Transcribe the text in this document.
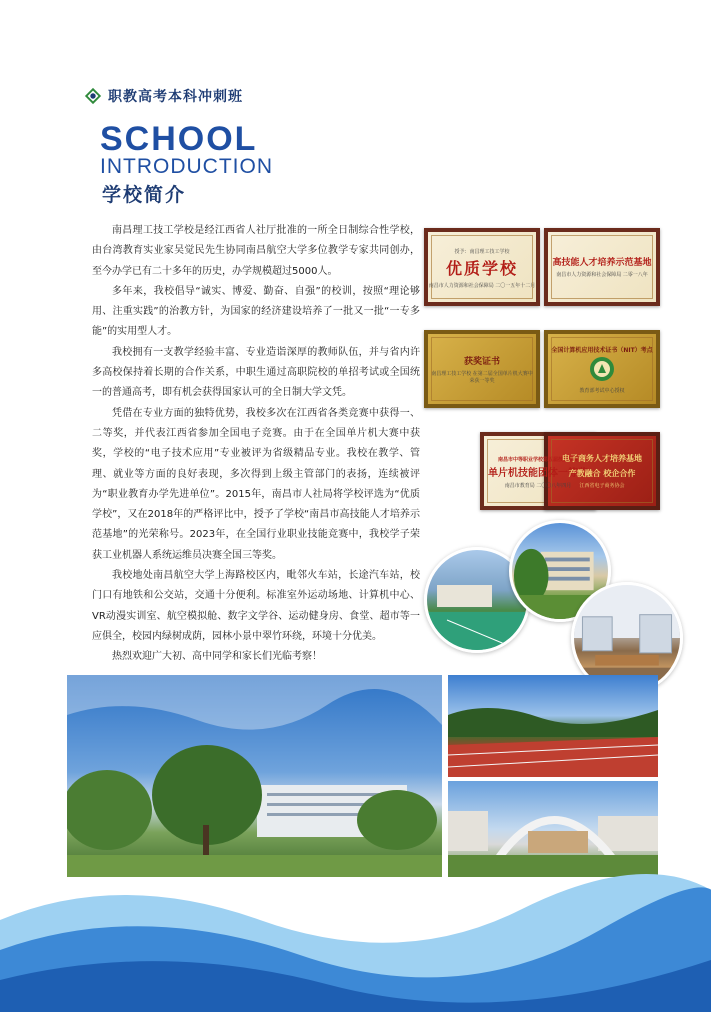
职教高考本科冲刺班
SCHOOL
INTRODUCTION
学校简介

南昌理工技工学校是经江西省人社厅批准的一所全日制综合性学校，由台湾教育实业家吴觉民先生协同南昌航空大学多位教学专家共同创办，至今办学已有二十多年的历史，办学规模超过5000人。

多年来，我校倡导“诚实、博爱、勤奋、自强”的校训，按照“理论够用、注重实践”的治教方针，为国家的经济建设培养了一批又一批“一专多能”的实用型人才。

我校拥有一支教学经验丰富、专业造诣深厚的教师队伍，并与省内许多高校保持着长期的合作关系，中职生通过高职院校的单招考试或全国统一的普通高考，即有机会获得国家认可的全日制大学文凭。

凭借在专业方面的独特优势，我校多次在江西省各类竞赛中获得一、二等奖，并代表江西省参加全国电子竞赛。由于在全国单片机大赛中获奖，学校的“电子技术应用”专业被评为省级精品专业。我校在教学、管理、就业等方面的良好表现，多次得到上级主管部门的表扬，连续被评为“职业教育办学先进单位”。2015年，南昌市人社局将学校评选为“优质学校”，又在2018年的严格评比中，授予了学校“南昌市高技能人才培养示范基地”的光荣称号。2023年，在全国行业职业技能竞赛中，我校学子荣获工业机器人系统运维员决赛全国三等奖。

我校地处南昌航空大学上海路校区内，毗邻火车站，长途汽车站，校门口有地铁和公交站，交通十分便利。标准室外运动场地、计算机中心、VR动漫实训室、航空模拟舱、数字文学谷、运动健身房、食堂、超市等一应俱全，校园内绿树成荫，园林小景中翠竹环绕，环境十分优美。

热烈欢迎广大初、高中同学和家长们光临考察！

授予：南昌理工技工学校
优质学校
南昌市人力资源和社会保障局 二〇一五年十二月
高技能人才培养示范基地
南昌市人力资源和社会保障局 二零一八年
获奖证书
南昌理工技工学校 在第二届全国单片机大赛中 荣获一等奖
全国计算机应用技术证书（NIT）考点
教育部考试中心授权
南昌市中等职业学校第五届技能竞赛
单片机技能团体一等奖
南昌市教育局 二〇〇八年四月
电子商务人才培养基地
产教融合 校企合作
江西省电子商务协会
